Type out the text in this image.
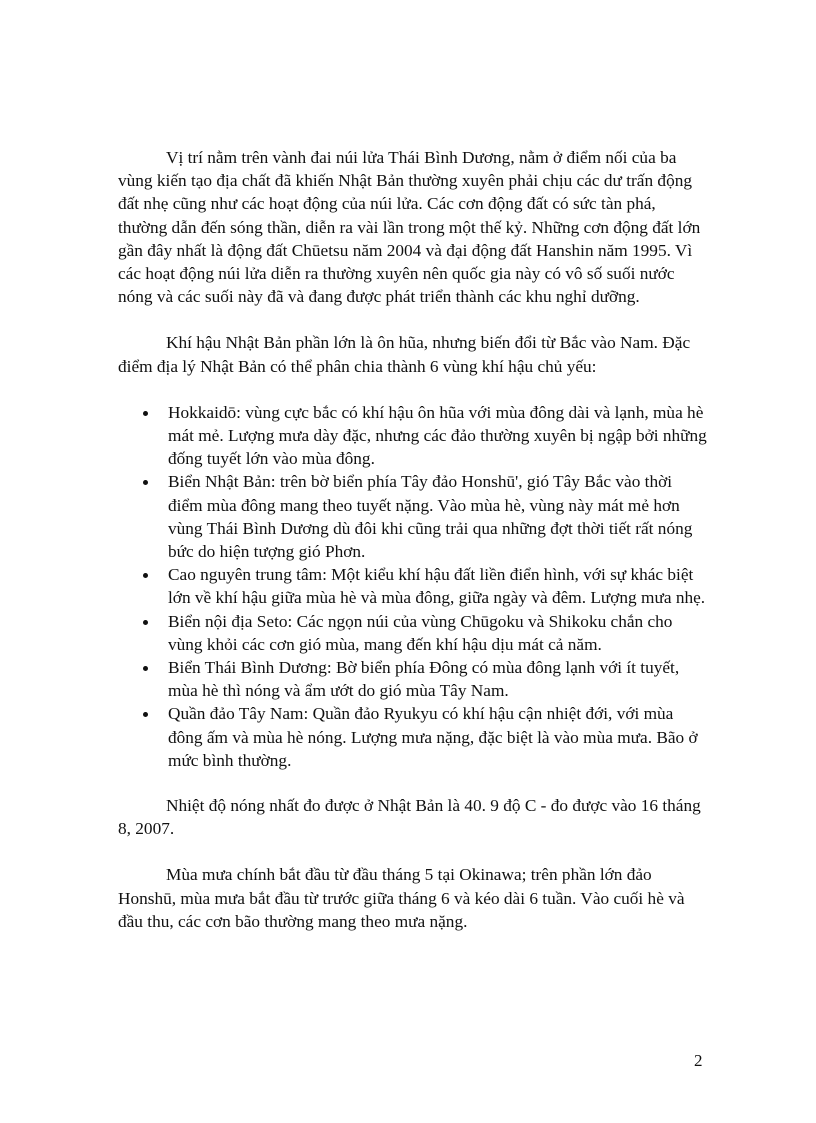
Vị trí nằm trên vành đai núi lửa Thái Bình Dương, nằm ở điểm nối của ba vùng kiến tạo địa chất đã khiến Nhật Bản thường xuyên phải chịu các dư trấn động đất nhẹ cũng như các hoạt động của núi lửa. Các cơn động đất có sức tàn phá, thường dẫn đến sóng thần, diễn ra vài lần trong một thế kỷ. Những cơn động đất lớn gần đây nhất là động đất Chūetsu năm 2004 và đại động đất Hanshin năm 1995. Vì các hoạt động núi lửa diễn ra thường xuyên nên quốc gia này có vô số suối nước nóng và các suối này đã và đang được phát triển thành các khu nghỉ dưỡng.

Khí hậu Nhật Bản phần lớn là ôn hũa, nhưng biến đổi từ Bắc vào Nam. Đặc điểm địa lý Nhật Bản có thể phân chia thành 6 vùng khí hậu chủ yếu:

Hokkaidō: vùng cực bắc có khí hậu ôn hũa với mùa đông dài và lạnh, mùa hè mát mẻ. Lượng mưa dày đặc, nhưng các đảo thường xuyên bị ngập bởi những đống tuyết lớn vào mùa đông.
Biển Nhật Bản: trên bờ biển phía Tây đảo Honshū', gió Tây Bắc vào thời điểm mùa đông mang theo tuyết nặng. Vào mùa hè, vùng này mát mẻ hơn vùng Thái Bình Dương dù đôi khi cũng trải qua những đợt thời tiết rất nóng bức do hiện tượng gió Phơn.
Cao nguyên trung tâm: Một kiểu khí hậu đất liền điển hình, với sự khác biệt lớn về khí hậu giữa mùa hè và mùa đông, giữa ngày và đêm. Lượng mưa nhẹ.
Biển nội địa Seto: Các ngọn núi của vùng Chūgoku và Shikoku chắn cho vùng khỏi các cơn gió mùa, mang đến khí hậu dịu mát cả năm.
Biển Thái Bình Dương: Bờ biển phía Đông có mùa đông lạnh với ít tuyết, mùa hè thì nóng và ẩm ướt do gió mùa Tây Nam.
Quần đảo Tây Nam: Quần đảo Ryukyu có khí hậu cận nhiệt đới, với mùa đông ấm và mùa hè nóng. Lượng mưa nặng, đặc biệt là vào mùa mưa. Bão ở mức bình thường.

Nhiệt độ nóng nhất đo được ở Nhật Bản là 40. 9 độ C - đo được vào 16 tháng 8, 2007.

Mùa mưa chính bắt đầu từ đầu tháng 5 tại Okinawa; trên phần lớn đảo Honshū, mùa mưa bắt đầu từ trước giữa tháng 6 và kéo dài 6 tuần. Vào cuối hè và đầu thu, các cơn bão thường mang theo mưa nặng.

2
